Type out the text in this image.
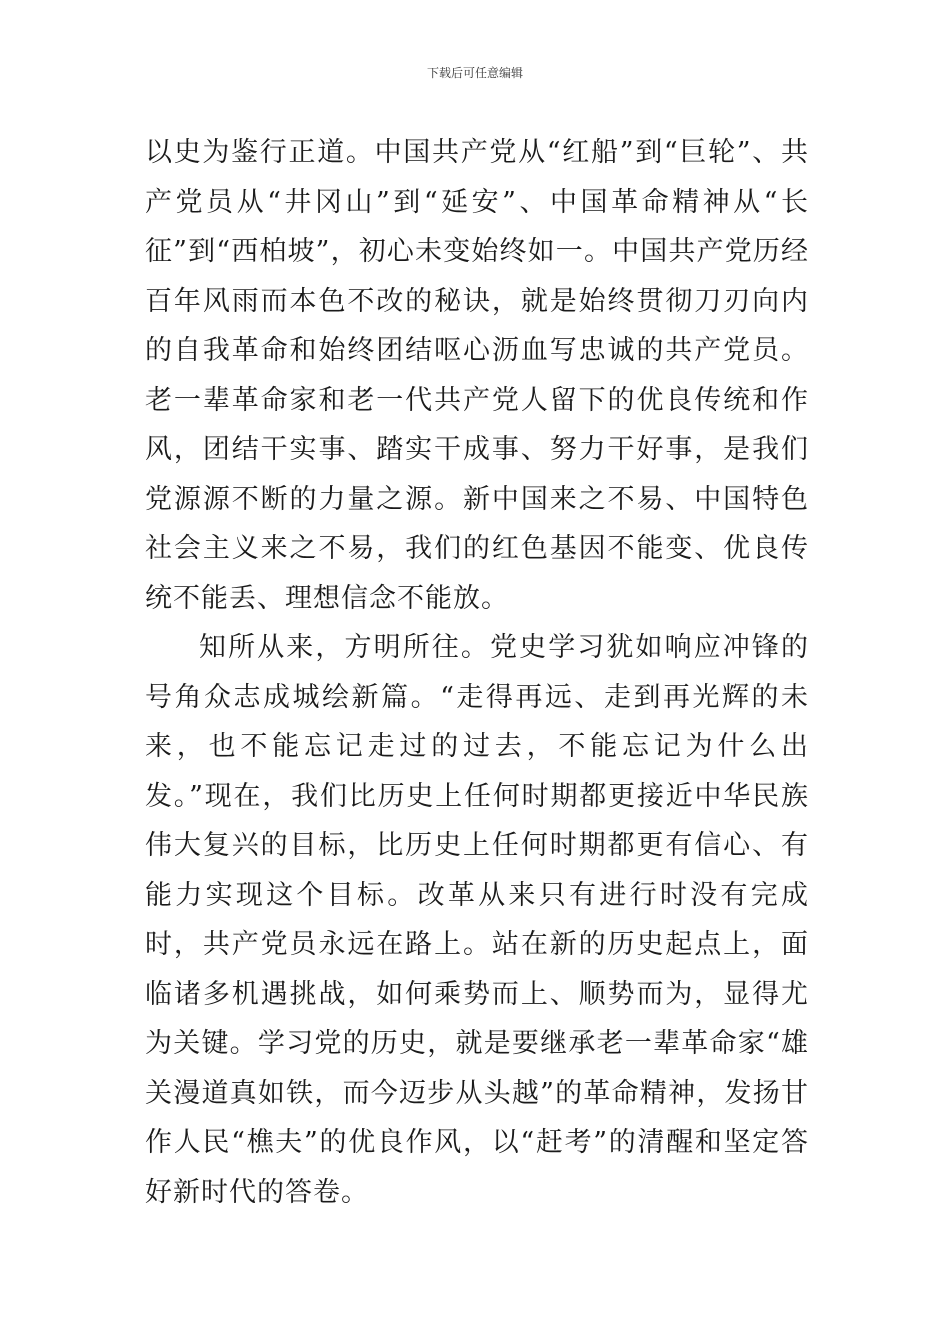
下载后可任意编辑

以史为鉴行正道。中国共产党从“红船”到“巨轮”、共产党员从“井冈山”到“延安”、中国革命精神从“长征”到“西柏坡”，初心未变始终如一。中国共产党历经百年风雨而本色不改的秘诀，就是始终贯彻刀刃向内的自我革命和始终团结呕心沥血写忠诚的共产党员。老一辈革命家和老一代共产党人留下的优良传统和作风，团结干实事、踏实干成事、努力干好事，是我们党源源不断的力量之源。新中国来之不易、中国特色社会主义来之不易，我们的红色基因不能变、优良传统不能丢、理想信念不能放。

知所从来，方明所往。党史学习犹如响应冲锋的号角众志成城绘新篇。“走得再远、走到再光辉的未来，也不能忘记走过的过去，不能忘记为什么出发。”现在，我们比历史上任何时期都更接近中华民族伟大复兴的目标，比历史上任何时期都更有信心、有能力实现这个目标。改革从来只有进行时没有完成时，共产党员永远在路上。站在新的历史起点上，面临诸多机遇挑战，如何乘势而上、顺势而为，显得尤为关键。学习党的历史，就是要继承老一辈革命家“雄关漫道真如铁，而今迈步从头越”的革命精神，发扬甘作人民“樵夫”的优良作风，以“赶考”的清醒和坚定答好新时代的答卷。
